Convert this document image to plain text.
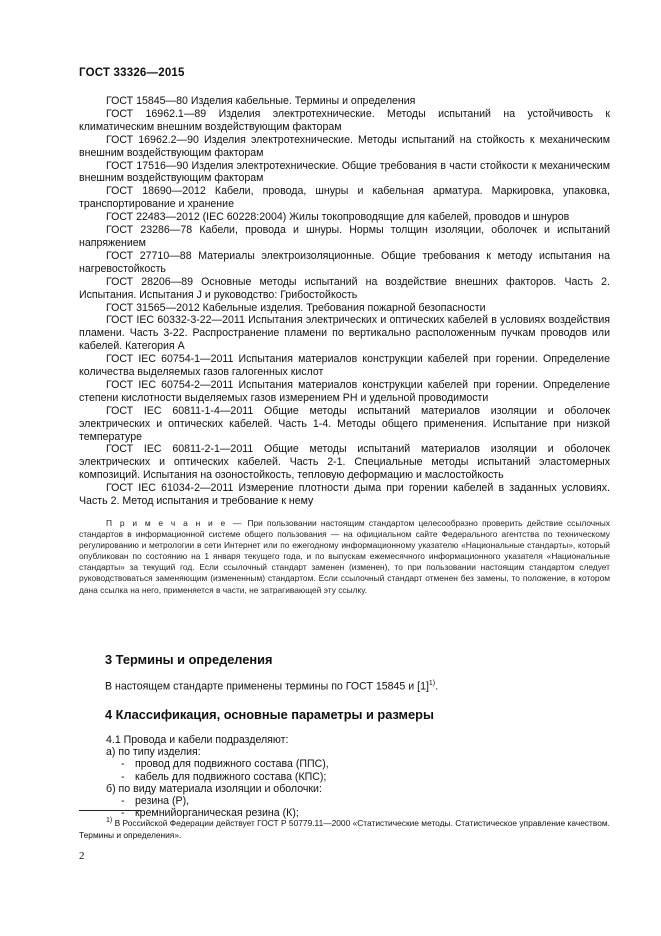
ГОСТ 33326—2015

ГОСТ 15845—80 Изделия кабельные. Термины и определения

ГОСТ 16962.1—89 Изделия электротехнические. Методы испытаний на устойчивость к климатическим внешним воздействующим факторам

ГОСТ 16962.2—90 Изделия электротехнические. Методы испытаний на стойкость к механическим внешним воздействующим факторам

ГОСТ 17516—90 Изделия электротехнические. Общие требования в части стойкости к механическим внешним воздействующим факторам

ГОСТ 18690—2012 Кабели, провода, шнуры и кабельная арматура. Маркировка, упаковка, транспортирование и хранение

ГОСТ 22483—2012 (IEC 60228:2004) Жилы токопроводящие для кабелей, проводов и шнуров

ГОСТ 23286—78 Кабели, провода и шнуры. Нормы толщин изоляции, оболочек и испытаний напряжением

ГОСТ 27710—88 Материалы электроизоляционные. Общие требования к методу испытания на нагревостойкость

ГОСТ 28206—89 Основные методы испытаний на воздействие внешних факторов. Часть 2. Испытания. Испытания J и руководство: Грибостойкость

ГОСТ 31565—2012 Кабельные изделия. Требования пожарной безопасности

ГОСТ IEC 60332-3-22—2011 Испытания электрических и оптических кабелей в условиях воздействия пламени. Часть 3-22. Распространение пламени по вертикально расположенным пучкам проводов или кабелей. Категория А

ГОСТ IEC 60754-1—2011 Испытания материалов конструкции кабелей при горении. Определение количества выделяемых газов галогенных кислот

ГОСТ IEC 60754-2—2011 Испытания материалов конструкции кабелей при горении. Определение степени кислотности выделяемых газов измерением РН и удельной проводимости

ГОСТ IEC 60811-1-4—2011 Общие методы испытаний материалов изоляции и оболочек электрических и оптических кабелей. Часть 1-4. Методы общего применения. Испытание при низкой температуре

ГОСТ IEC 60811-2-1—2011 Общие методы испытаний материалов изоляции и оболочек электрических и оптических кабелей. Часть 2-1. Специальные методы испытаний эластомерных композиций. Испытания на озоностойкость, тепловую деформацию и маслостойкость

ГОСТ IEC 61034-2—2011 Измерение плотности дыма при горении кабелей в заданных условиях. Часть 2. Метод испытания и требование к нему

П р и м е ч а н и е — При пользовании настоящим стандартом целесообразно проверить действие ссылочных стандартов в информационной системе общего пользования — на официальном сайте Федерального агентства по техническому регулированию и метрологии в сети Интернет или по ежегодному информационному указателю «Национальные стандарты», который опубликован по состоянию на 1 января текущего года, и по выпускам ежемесячного информационного указателя «Национальные стандарты» за текущий год. Если ссылочный стандарт заменен (изменен), то при пользовании настоящим стандартом следует руководствоваться заменяющим (измененным) стандартом. Если ссылочный стандарт отменен без замены, то положение, в котором дана ссылка на него, применяется в части, не затрагивающей эту ссылку.

3 Термины и определения
В настоящем стандарте применены термины по ГОСТ 15845 и $[1]^{1)}$.
4 Классификация, основные параметры и размеры
4.1 Провода и кабели подразделяют:
а) по типу изделия:
- провод для подвижного состава (ППС),
- кабель для подвижного состава (КПС);
б) по виду материала изоляции и оболочки:
- резина (Р),
- кремнийорганическая резина (К);

$^{1)}$ В Российской Федерации действует ГОСТ Р 50779.11—2000 «Статистические методы. Статистическое управление качеством. Термины и определения».

2
